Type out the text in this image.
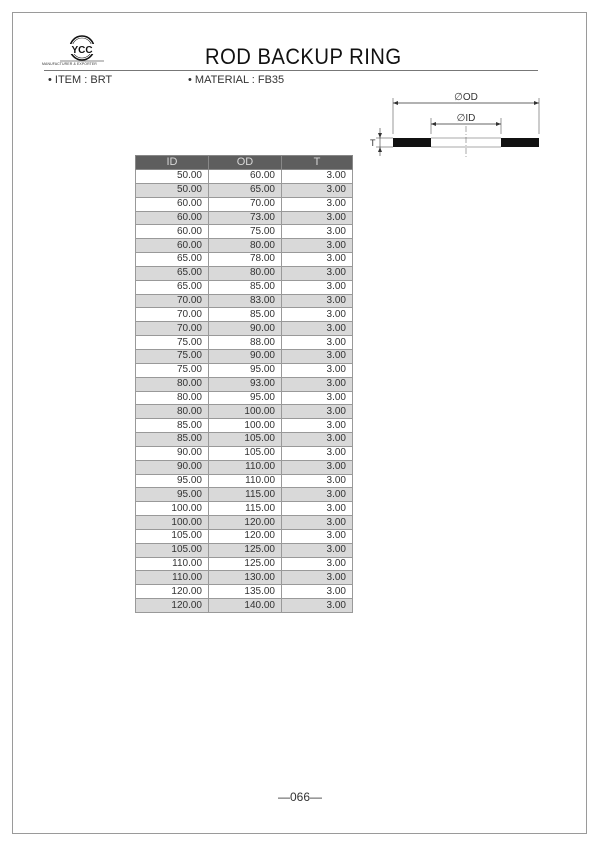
YCC
MANUFACTURER & EXPORTER	ROD BACKUP RING
• ITEM : BRT	• MATERIAL : FB35
∅OD
∅ID
T
ID	OD	T
50.00	60.00	3.00
50.00	65.00	3.00
60.00	70.00	3.00
60.00	73.00	3.00
60.00	75.00	3.00
60.00	80.00	3.00
65.00	78.00	3.00
65.00	80.00	3.00
65.00	85.00	3.00
70.00	83.00	3.00
70.00	85.00	3.00
70.00	90.00	3.00
75.00	88.00	3.00
75.00	90.00	3.00
75.00	95.00	3.00
80.00	93.00	3.00
80.00	95.00	3.00
80.00	100.00	3.00
85.00	100.00	3.00
85.00	105.00	3.00
90.00	105.00	3.00
90.00	110.00	3.00
95.00	110.00	3.00
95.00	115.00	3.00
100.00	115.00	3.00
100.00	120.00	3.00
105.00	120.00	3.00
105.00	125.00	3.00
110.00	125.00	3.00
110.00	130.00	3.00
120.00	135.00	3.00
120.00	140.00	3.00
—066—
